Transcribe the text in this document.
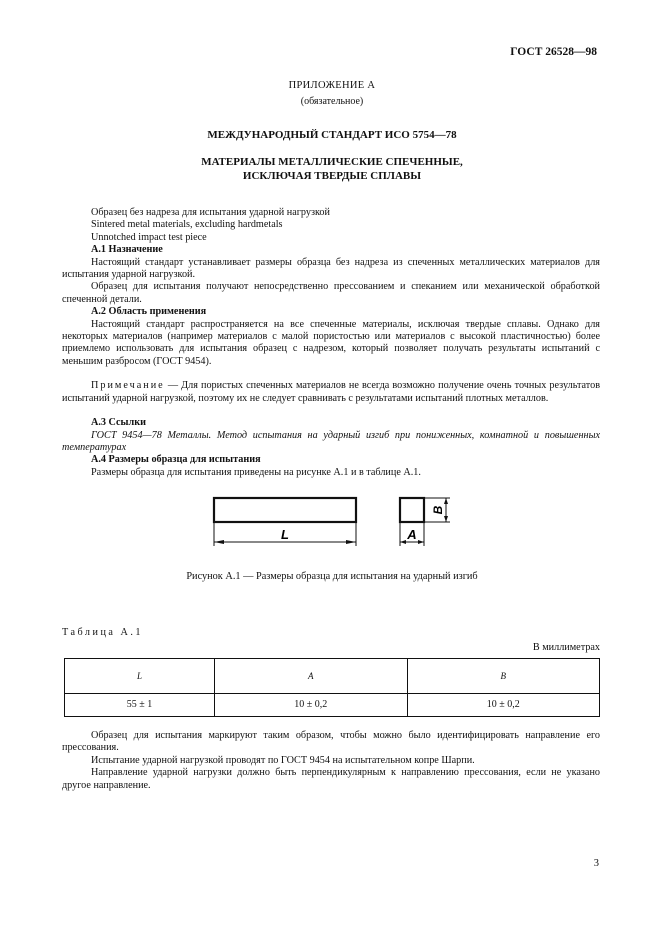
ГОСТ 26528—98
ПРИЛОЖЕНИЕ А
(обязательное)
МЕЖДУНАРОДНЫЙ СТАНДАРТ ИСО 5754—78
МАТЕРИАЛЫ МЕТАЛЛИЧЕСКИЕ СПЕЧЕННЫЕ,
ИСКЛЮЧАЯ ТВЕРДЫЕ СПЛАВЫ

Образец без надреза для испытания ударной нагрузкой

Sintered metal materials, excluding hardmetals

Unnotched impact test piece

А.1 Назначение

Настоящий стандарт устанавливает размеры образца без надреза из спеченных металлических материалов для испытания ударной нагрузкой.

Образец для испытания получают непосредственно прессованием и спеканием или механической обработкой спеченной детали.

А.2 Область применения

Настоящий стандарт распространяется на все спеченные материалы, исключая твердые сплавы. Однако для некоторых материалов (например материалов с малой пористостью или материалов с высокой пластичностью) более приемлемо использовать для испытания образец с надрезом, который позволяет получать результаты испытаний с меньшим разбросом (ГОСТ 9454).

Примечание — Для пористых спеченных материалов не всегда возможно получение очень точных результатов испытаний ударной нагрузкой, поэтому их не следует сравнивать с результатами испытаний плотных металлов.

А.3 Ссылки

ГОСТ 9454—78 Металлы. Метод испытания на ударный изгиб при пониженных, комнатной и повышенных температурах

А.4 Размеры образца для испытания

Размеры образца для испытания приведены на рисунке А.1 и в таблице А.1.

L	A
B
Рисунок А.1 — Размеры образца для испытания на ударный изгиб
Таблица А.1
В миллиметрах
L	A	B
55 ± 1	10 ± 0,2	10 ± 0,2

Образец для испытания маркируют таким образом, чтобы можно было идентифицировать направление его прессования.

Испытание ударной нагрузкой проводят по ГОСТ 9454 на испытательном копре Шарпи.

Направление ударной нагрузки должно быть перпендикулярным к направлению прессования, если не указано другое направление.

3
